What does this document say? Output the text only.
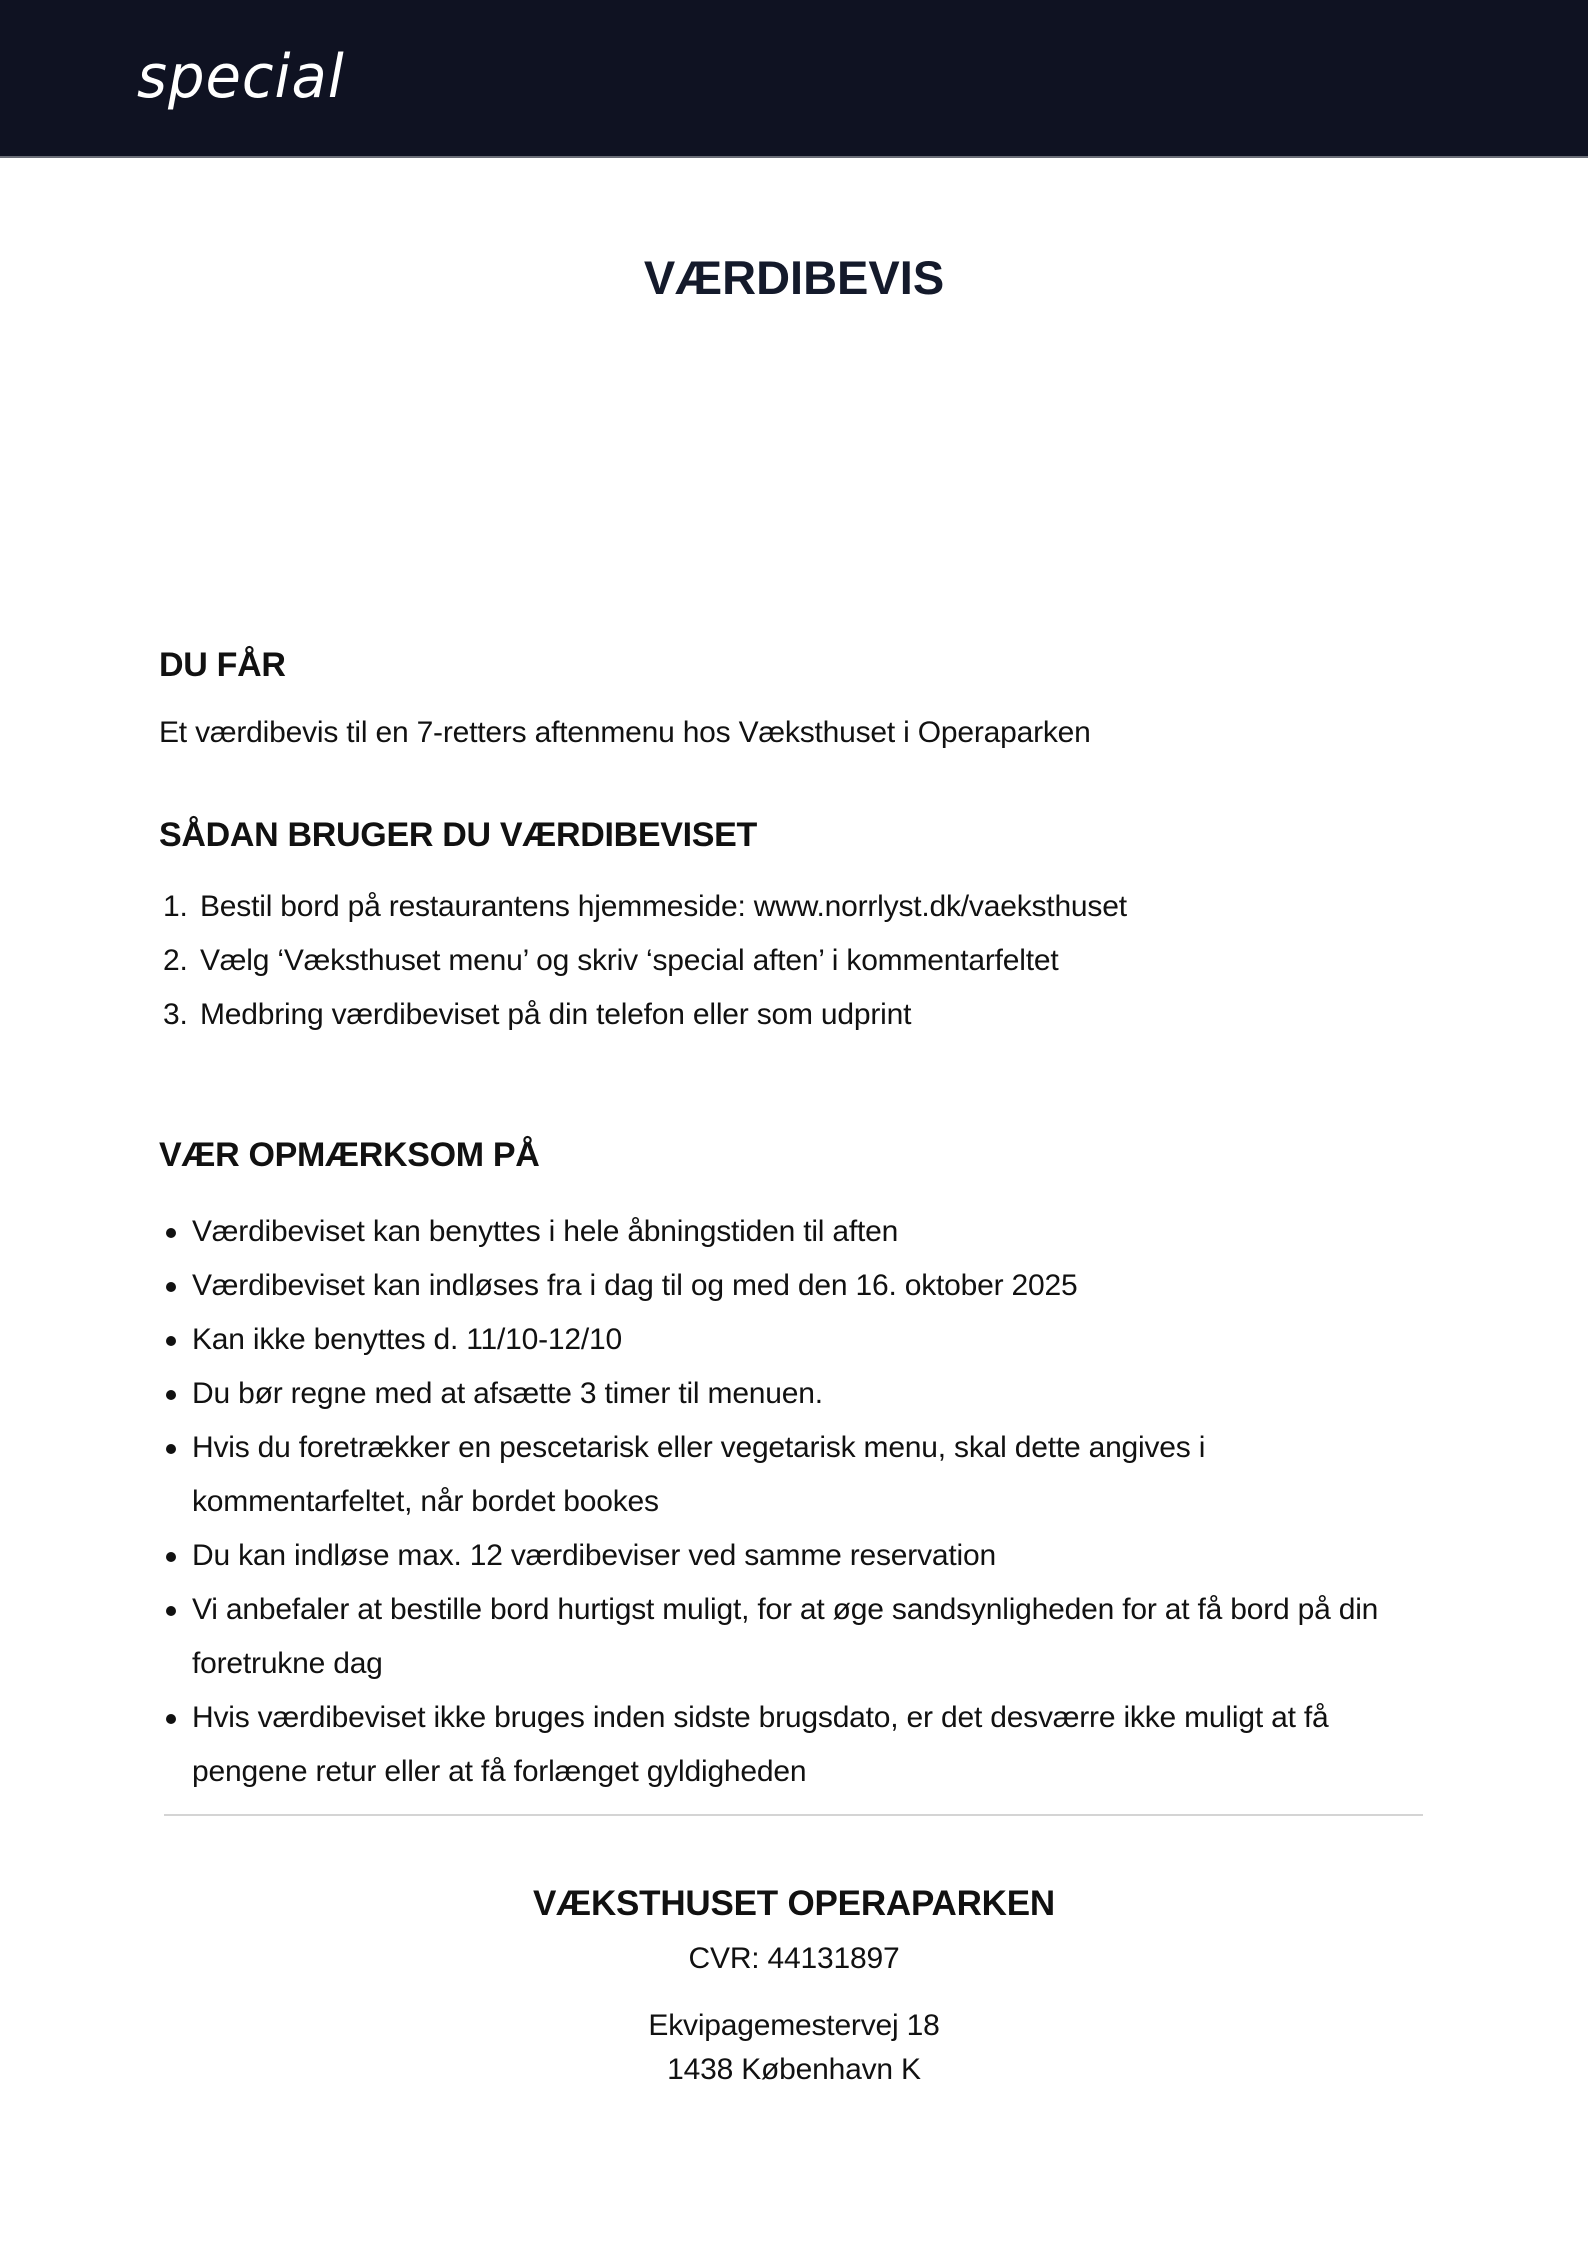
special
VÆRDIBEVIS
DU FÅR
Et værdibevis til en 7-retters aftenmenu hos Væksthuset i Operaparken
SÅDAN BRUGER DU VÆRDIBEVISET
1. Bestil bord på restaurantens hjemmeside: www.norrlyst.dk/vaeksthuset
2. Vælg ‘Væksthuset menu’ og skriv ‘special aften’ i kommentarfeltet
3. Medbring værdibeviset på din telefon eller som udprint
VÆR OPMÆRKSOM PÅ
Værdibeviset kan benyttes i hele åbningstiden til aften
Værdibeviset kan indløses fra i dag til og med den 16. oktober 2025
Kan ikke benyttes d. 11/10-12/10
Du bør regne med at afsætte 3 timer til menuen.
Hvis du foretrækker en pescetarisk eller vegetarisk menu, skal dette angives i kommentarfeltet, når bordet bookes
Du kan indløse max. 12 værdibeviser ved samme reservation
Vi anbefaler at bestille bord hurtigst muligt, for at øge sandsynligheden for at få bord på din foretrukne dag
Hvis værdibeviset ikke bruges inden sidste brugsdato, er det desværre ikke muligt at få pengene retur eller at få forlænget gyldigheden
VÆKSTHUSET OPERAPARKEN
CVR: 44131897
Ekvipagemestervej 18
1438 København K
